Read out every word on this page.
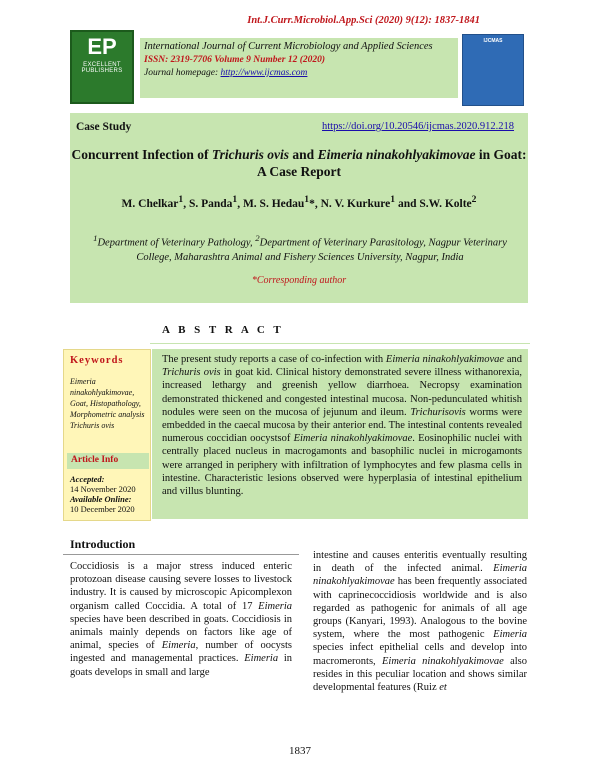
Int.J.Curr.Microbiol.App.Sci (2020) 9(12): 1837-1841
EP
EXCELLENT PUBLISHERS
International Journal of Current Microbiology and Applied Sciences
ISSN: 2319-7706 Volume 9 Number 12 (2020)
Journal homepage: http://www.ijcmas.com
IJCMAS
Case Study	https://doi.org/10.20546/ijcmas.2020.912.218
Concurrent Infection of Trichuris ovis and Eimeria ninakohlyakimovae in Goat: A Case Report
M. Chelkar$^1$, S. Panda$^1$, M. S. Hedau$^1$*, N. V. Kurkure$^1$ and S.W. Kolte$^2$
$^1$Department of Veterinary Pathology, $^2$Department of Veterinary Parasitology, Nagpur Veterinary College, Maharashtra Animal and Fishery Sciences University, Nagpur, India
*Corresponding author
A B S T R A C T
Keywords
Eimeria ninakohlyakimovae, Goat, Histopathology, Morphometric analysis Trichuris ovis
Article Info
Accepted:
14 November 2020
Available Online:
10 December 2020
The present study reports a case of co-infection with Eimeria ninakohlyakimovae and Trichuris ovis in goat kid. Clinical history demonstrated severe illness withanorexia, increased lethargy and greenish yellow diarrhoea. Necropsy examination demonstrated thickened and congested intestinal mucosa. Non-pedunculated whitish nodules were seen on the mucosa of jejunum and ileum. Trichurisovis worms were embedded in the caecal mucosa by their anterior end. The intestinal contents revealed numerous coccidian oocystsof Eimeria ninakohlyakimovae. Eosinophilic nuclei with centrally placed nucleus in macrogamonts and basophilic nuclei in microgamonts were arranged in periphery with infiltration of lymphocytes and few plasma cells in intestine. Characteristic lesions observed were hyperplasia of intestinal epithelium and villus blunting.
Introduction
Coccidiosis is a major stress induced enteric protozoan disease causing severe losses to livestock industry. It is caused by microscopic Apicomplexon organism called Coccidia. A total of 17 Eimeria species have been described in goats. Coccidiosis in animals mainly depends on factors like age of animal, species of Eimeria, number of oocysts ingested and managemental practices. Eimeria in goats develops in small and large
intestine and causes enteritis eventually resulting in death of the infected animal. Eimeria ninakohlyakimovae has been frequently associated with caprinecoccidiosis worldwide and is also regarded as pathogenic for animals of all age groups (Kanyari, 1993). Analogous to the bovine system, where the most pathogenic Eimeria species infect epithelial cells and develop into macromeronts, Eimeria ninakohlyakimovae also resides in this peculiar location and shows similar developmental features (Ruiz et
1837
